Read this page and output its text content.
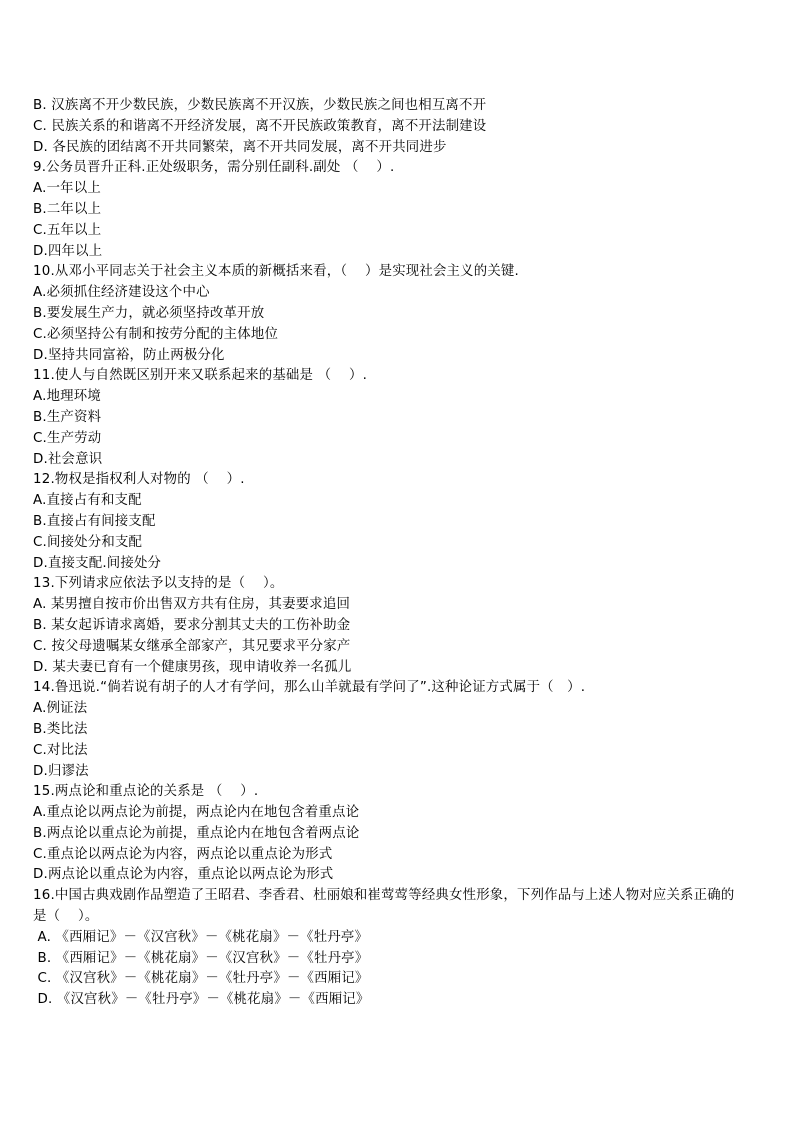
B. 汉族离不开少数民族，少数民族离不开汉族，少数民族之间也相互离不开
C. 民族关系的和谐离不开经济发展，离不开民族政策教育，离不开法制建设
D. 各民族的团结离不开共同繁荣，离不开共同发展，离不开共同进步
9.公务员晋升正科.正处级职务，需分别任副科.副处 （    ）.
A.一年以上
B.二年以上
C.五年以上
D.四年以上
10.从邓小平同志关于社会主义本质的新概括来看，（    ）是实现社会主义的关键.
A.必须抓住经济建设这个中心
B.要发展生产力，就必须坚持改革开放
C.必须坚持公有制和按劳分配的主体地位
D.坚持共同富裕，防止两极分化
11.使人与自然既区别开来又联系起来的基础是 （    ）.
A.地理环境
B.生产资料
C.生产劳动
D.社会意识
12.物权是指权利人对物的 （    ）.
A.直接占有和支配
B.直接占有间接支配
C.间接处分和支配
D.直接支配.间接处分
13.下列请求应依法予以支持的是（    ）。
A. 某男擅自按市价出售双方共有住房，其妻要求追回
B. 某女起诉请求离婚，要求分割其丈夫的工伤补助金
C. 按父母遗嘱某女继承全部家产，其兄要求平分家产
D. 某夫妻已育有一个健康男孩，现申请收养一名孤儿
14.鲁迅说.“倘若说有胡子的人才有学问，那么山羊就最有学问了”.这种论证方式属于（   ）.
A.例证法
B.类比法
C.对比法
D.归谬法
15.两点论和重点论的关系是 （    ）.
A.重点论以两点论为前提，两点论内在地包含着重点论
B.两点论以重点论为前提，重点论内在地包含着两点论
C.重点论以两点论为内容，两点论以重点论为形式
D.两点论以重点论为内容，重点论以两点论为形式
16.中国古典戏剧作品塑造了王昭君、李香君、杜丽娘和崔莺莺等经典女性形象，下列作品与上述人物对应关系正确的
是（    ）。
A. 《西厢记》－《汉宫秋》－《桃花扇》－《牡丹亭》
B. 《西厢记》－《桃花扇》－《汉宫秋》－《牡丹亭》
C. 《汉宫秋》－《桃花扇》－《牡丹亭》－《西厢记》
D. 《汉宫秋》－《牡丹亭》－《桃花扇》－《西厢记》
